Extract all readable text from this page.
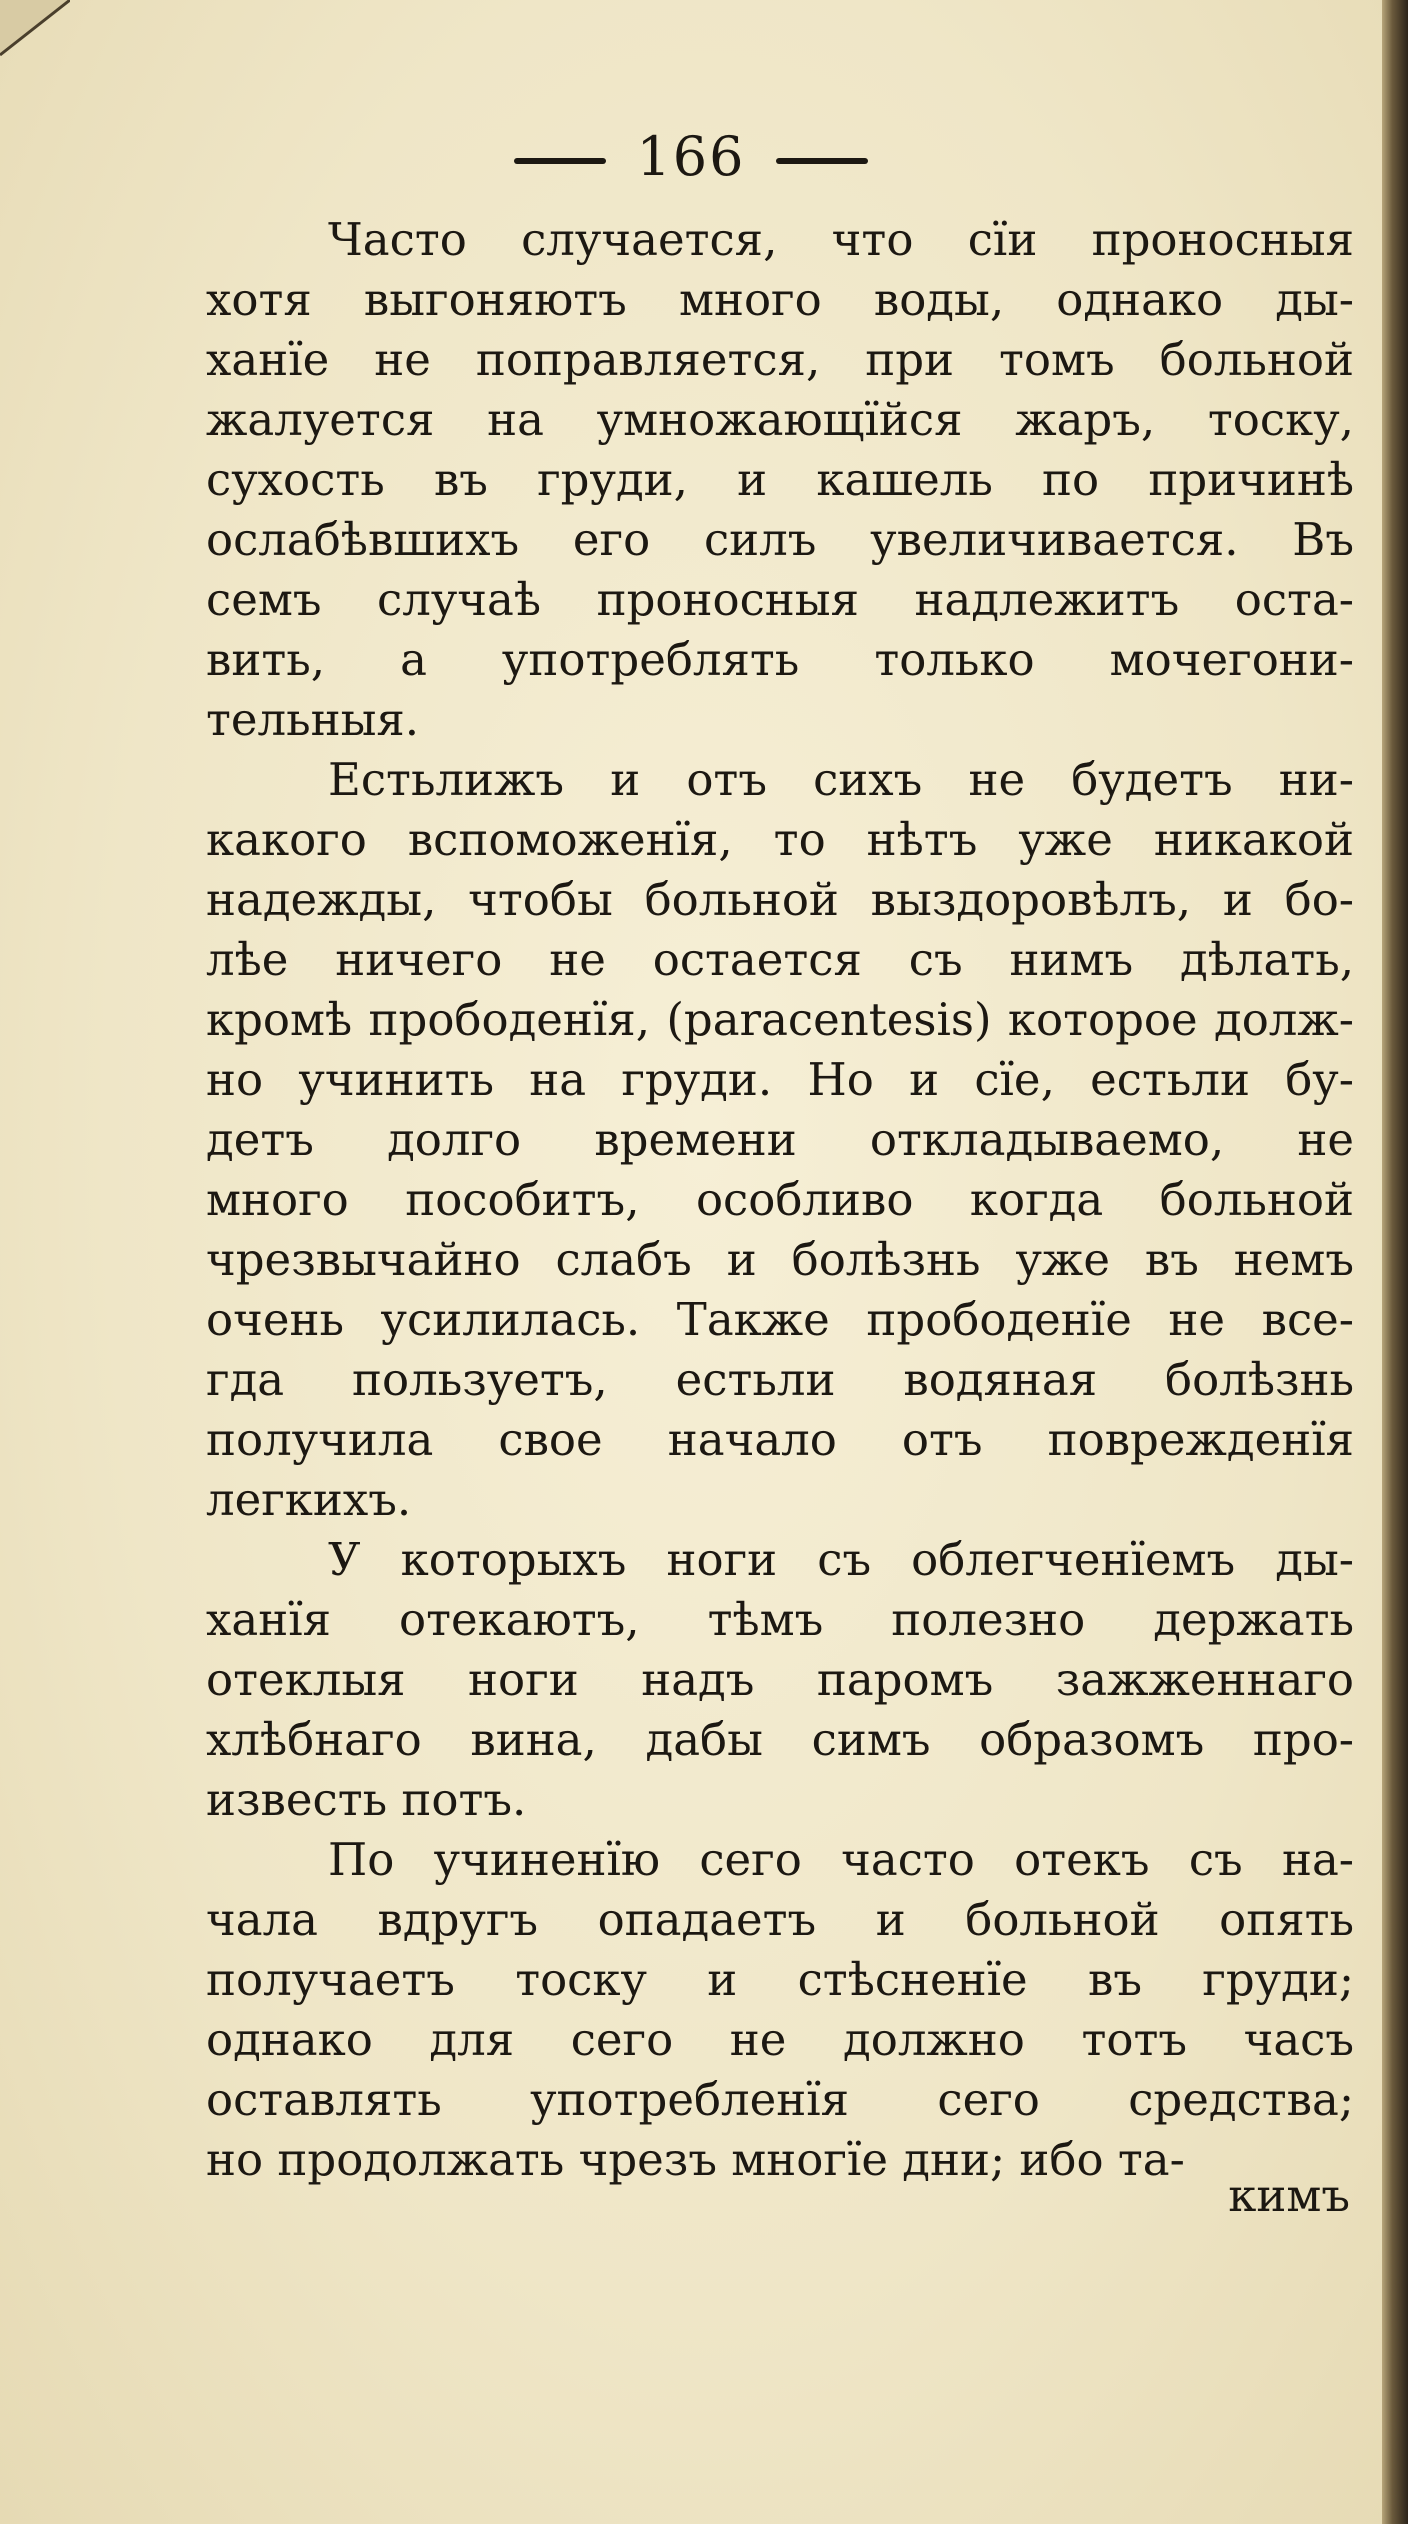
166
Часто случается, что сїи проносныя
хотя выгоняютъ много воды, однако ды-
ханїе не поправляется, при томъ больной
жалуется на умножающїйся жаръ, тоску,
сухость въ груди, и кашель по причинѣ
ослабѣвшихъ его силъ увеличивается. Въ
семъ случаѣ проносныя надлежитъ оста-
вить, а употреблять только мочегони-
тельныя.
Естьлижъ и отъ сихъ не будетъ ни-
какого вспоможенїя, то нѣтъ уже никакой
надежды, чтобы больной выздоровѣлъ, и бо-
лѣе ничего не остается съ нимъ дѣлать,
кромѣ прободенїя, (paracentesis) которое долж-
но учинить на груди. Но и сїе, естьли бу-
детъ долго времени откладываемо, не
много пособитъ, особливо когда больной
чрезвычайно слабъ и болѣзнь уже въ немъ
очень усилилась. Также прободенїе не все-
гда пользуетъ, естьли водяная болѣзнь
получила свое начало отъ поврежденїя
легкихъ.
У которыхъ ноги съ облегченїемъ ды-
ханїя отекаютъ, тѣмъ полезно держать
отеклыя ноги надъ паромъ зажженнаго
хлѣбнаго вина, дабы симъ образомъ про-
известь потъ.
По учиненїю сего часто отекъ съ на-
чала вдругъ опадаетъ и больной опять
получаетъ тоску и стѣсненїе въ груди;
однако для сего не должно тотъ часъ
оставлять употребленїя сего средства;
но продолжать чрезъ многїе дни; ибо та-
кимъ
